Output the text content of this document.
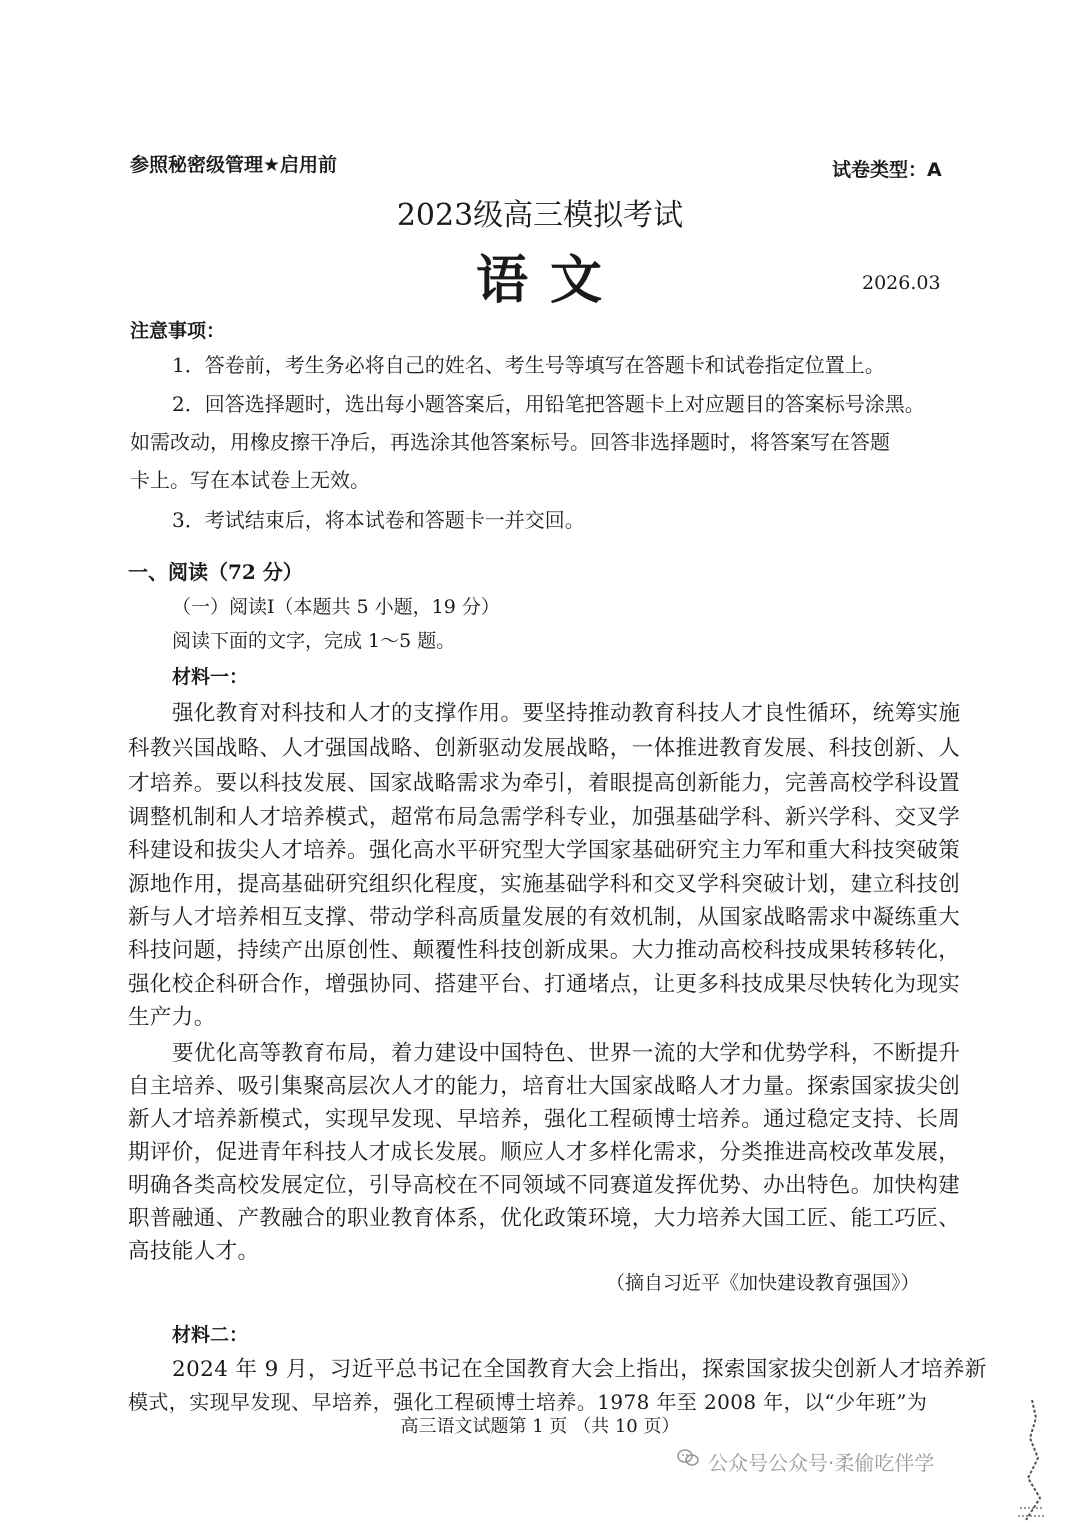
参照秘密级管理★启用前	试卷类型：A
2023级高三模拟考试
语 文	2026.03
注意事项：
1．答卷前，考生务必将自己的姓名、考生号等填写在答题卡和试卷指定位置上。
2．回答选择题时，选出每小题答案后，用铅笔把答题卡上对应题目的答案标号涂黑。
如需改动，用橡皮擦干净后，再选涂其他答案标号。回答非选择题时，将答案写在答题
卡上。写在本试卷上无效。
3．考试结束后，将本试卷和答题卡一并交回。
一、阅读（72 分）
（一）阅读Ⅰ（本题共 5 小题，19 分）
阅读下面的文字，完成 1～5 题。
材料一：
强化教育对科技和人才的支撑作用。要坚持推动教育科技人才良性循环，统筹实施
科教兴国战略、人才强国战略、创新驱动发展战略，一体推进教育发展、科技创新、人
才培养。要以科技发展、国家战略需求为牵引，着眼提高创新能力，完善高校学科设置
调整机制和人才培养模式，超常布局急需学科专业，加强基础学科、新兴学科、交叉学
科建设和拔尖人才培养。强化高水平研究型大学国家基础研究主力军和重大科技突破策
源地作用，提高基础研究组织化程度，实施基础学科和交叉学科突破计划，建立科技创
新与人才培养相互支撑、带动学科高质量发展的有效机制，从国家战略需求中凝练重大
科技问题，持续产出原创性、颠覆性科技创新成果。大力推动高校科技成果转移转化，
强化校企科研合作，增强协同、搭建平台、打通堵点，让更多科技成果尽快转化为现实
生产力。
要优化高等教育布局，着力建设中国特色、世界一流的大学和优势学科，不断提升
自主培养、吸引集聚高层次人才的能力，培育壮大国家战略人才力量。探索国家拔尖创
新人才培养新模式，实现早发现、早培养，强化工程硕博士培养。通过稳定支持、长周
期评价，促进青年科技人才成长发展。顺应人才多样化需求，分类推进高校改革发展，
明确各类高校发展定位，引导高校在不同领域不同赛道发挥优势、办出特色。加快构建
职普融通、产教融合的职业教育体系，优化政策环境，大力培养大国工匠、能工巧匠、
高技能人才。
（摘自习近平《加快建设教育强国》）
材料二：
2024 年 9 月，习近平总书记在全国教育大会上指出，探索国家拔尖创新人才培养新
模式，实现早发现、早培养，强化工程硕博士培养。1978 年至 2008 年，以“少年班”为
高三语文试题第 1 页 （共 10 页）
公众号公众号·柔偷吃伴学
